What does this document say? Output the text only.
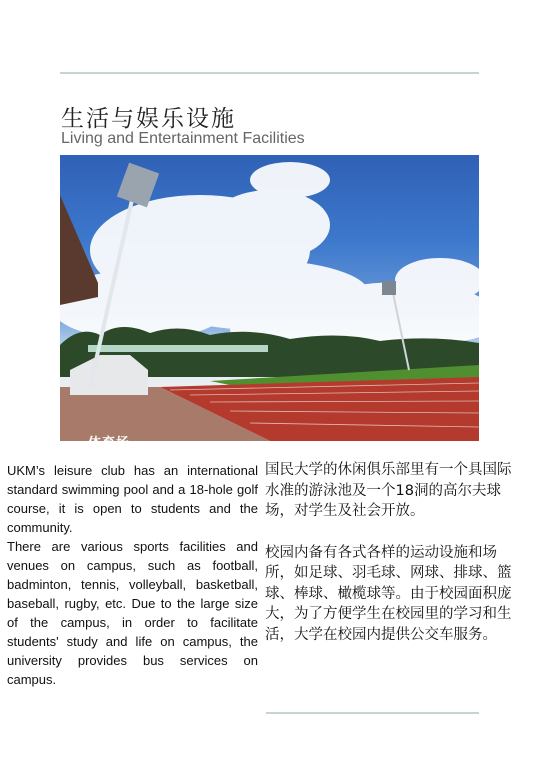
生活与娱乐设施

Living and Entertainment Facilities

体育场

UKM’s leisure club has an international standard swimming pool and a 18-hole golf course, it is open to students and the community.

There are various sports facilities and venues on campus, such as football, badminton, tennis, volleyball, basketball, baseball, rugby, etc. Due to the large size of the campus, in order to facilitate students' study and life on campus, the university provides bus services on campus.

国民大学的休闲俱乐部里有一个具国际水准的游泳池及一个18洞的高尔夫球场，对学生及社会开放。

校园内备有各式各样的运动设施和场所，如足球、羽毛球、网球、排球、篮球、棒球、橄榄球等。由于校园面积庞大，为了方便学生在校园里的学习和生活，大学在校园内提供公交车服务。
